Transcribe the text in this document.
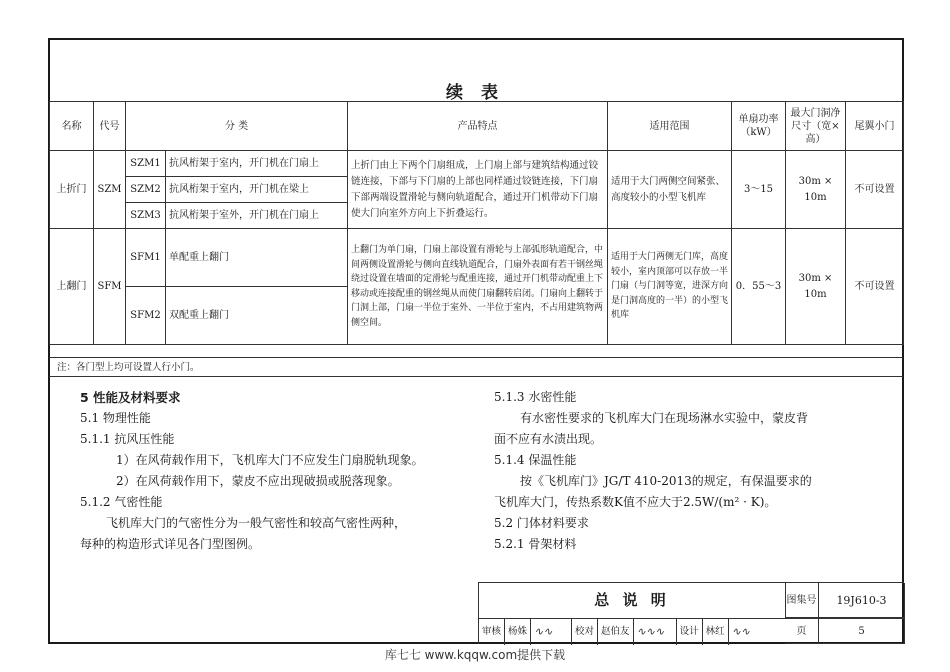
续 表
名称	代号	分 类		产品特点	适用范围	单扇功率（kW）	最大门洞净尺寸（宽×高）	尾翼小门
上折门	SZM	SZM1	抗风桁架于室内，开门机在门扇上	上折门由上下两个门扇组成，上门扇上部与建筑结构通过铰链连接，下部与下门扇的上部也同样通过铰链连接，下门扇下部两端设置滑轮与侧向轨道配合，通过开门机带动下门扇使大门向室外方向上下折叠运行。	适用于大门两侧空间紧张、高度较小的小型飞机库	3～15	30m × 10m	不可设置
		SZM2	抗风桁架于室内，开门机在梁上					
		SZM3	抗风桁架于室外，开门机在门扇上					
上翻门	SFM	SFM1	单配重上翻门	上翻门为单门扇，门扇上部设置有滑轮与上部弧形轨道配合，中间两侧设置滑轮与侧向直线轨道配合，门扇外表面有若干钢丝绳绕过设置在墙面的定滑轮与配重连接，通过开门机带动配重上下移动或连接配重的钢丝绳从而使门扇翻转启闭。门扇向上翻转于门洞上部，门扇一半位于室外、一半位于室内，不占用建筑物两侧空间。	适用于大门两侧无门库，高度较小，室内顶部可以存放一半门扇（与门洞等宽，进深方向是门洞高度的一半）的小型飞机库	0．55～3	30m × 10m	不可设置
		SFM2	双配重上翻门					
注：各门型上均可设置人行小门。

5 性能及材料要求

5.1 物理性能

5.1.1 抗风压性能

1）在风荷载作用下，飞机库大门不应发生门扇脱轨现象。

2）在风荷载作用下，蒙皮不应出现破损或脱落现象。

5.1.2 气密性能

飞机库大门的气密性分为一般气密性和较高气密性两种，

每种的构造形式详见各门型图例。

5.1.3 水密性能

有水密性要求的飞机库大门在现场淋水实验中，蒙皮背

面不应有水渍出现。

5.1.4 保温性能

按《飞机库门》JG/T 410-2013的规定，有保温要求的

飞机库大门，传热系数K值不应大于2.5W/(m² · K)。

5.2 门体材料要求

5.2.1 骨架材料

总 说 明	图集号	19J610-3
审核 杨姝 ∿∿	校对 赵伯友 ∿∿∿	设计 林红 ∿∿	页	5
库七七 www.kqqw.com提供下载
